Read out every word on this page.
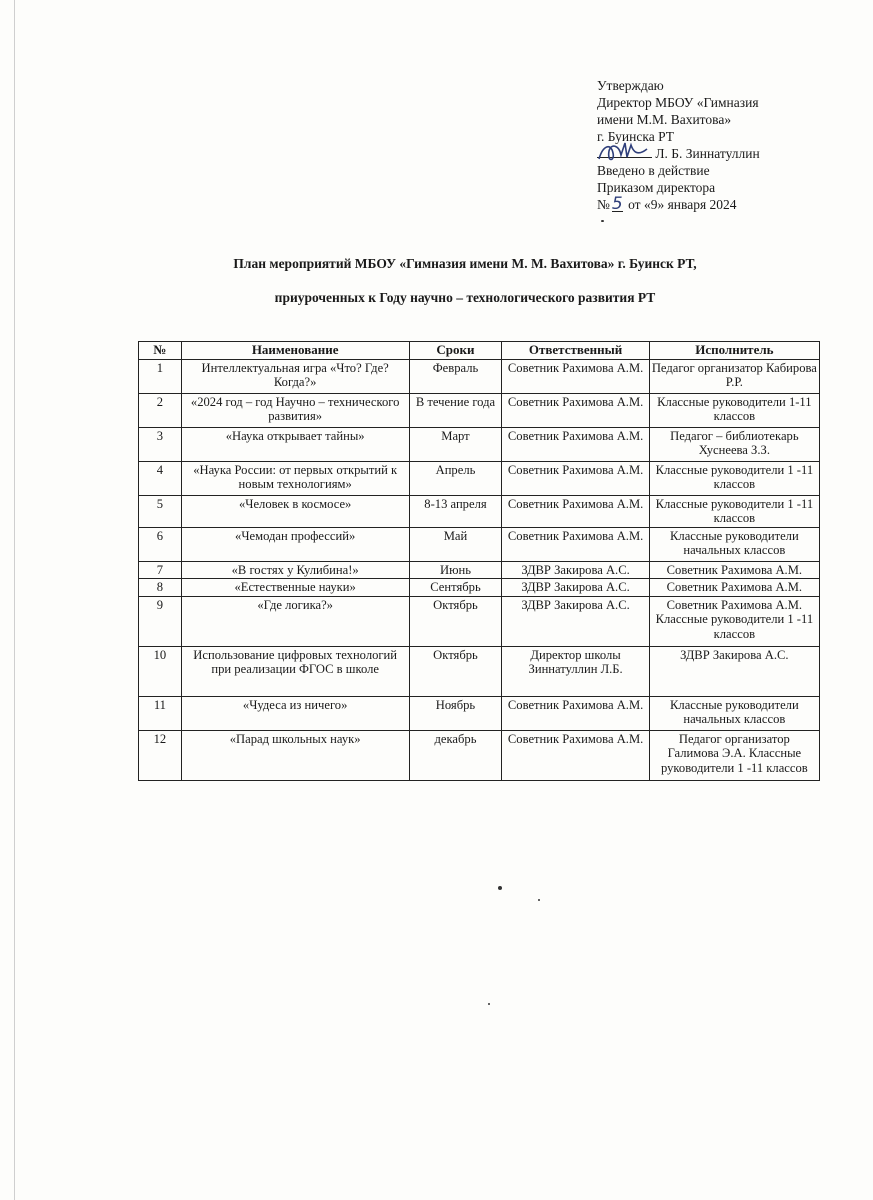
Утверждаю
Директор МБОУ «Гимназия
имени М.М. Вахитова»
г. Буинска РТ

Л. Б. Зиннатуллин
Введено в действие
Приказом директора
№ 5 от «9» января 2024
План мероприятий МБОУ «Гимназия имени М. М. Вахитова» г. Буинск РТ,
приуроченных к Году научно – технологического развития РТ
№	Наименование	Сроки	Ответственный	Исполнитель
1	Интеллектуальная игра «Что? Где? Когда?»	Февраль	Советник Рахимова А.М.	Педагог организатор Кабирова Р.Р.
2	«2024 год – год Научно – технического развития»	В течение года	Советник Рахимова А.М.	Классные руководители 1-11 классов
3	«Наука открывает тайны»	Март	Советник Рахимова А.М.	Педагог – библиотекарь Хуснеева З.З.
4	«Наука России: от первых открытий к новым технологиям»	Апрель	Советник Рахимова А.М.	Классные руководители 1 -11 классов
5	«Человек в космосе»	8-13 апреля	Советник Рахимова А.М.	Классные руководители 1 -11 классов
6	«Чемодан профессий»	Май	Советник Рахимова А.М.	Классные руководители начальных классов
7	«В гостях у Кулибина!»	Июнь	ЗДВР Закирова А.С.	Советник Рахимова А.М.
8	«Естественные науки»	Сентябрь	ЗДВР Закирова А.С.	Советник Рахимова А.М.
9	«Где логика?»	Октябрь	ЗДВР Закирова А.С.	Советник Рахимова А.М. Классные руководители 1 -11 классов
10	Использование цифровых технологий при реализации ФГОС в школе	Октябрь	Директор школы Зиннатуллин Л.Б.	ЗДВР Закирова А.С.
11	«Чудеса из ничего»	Ноябрь	Советник Рахимова А.М.	Классные руководители начальных классов
12	«Парад школьных наук»	декабрь	Советник Рахимова А.М.	Педагог организатор Галимова Э.А. Классные руководители 1 -11 классов
